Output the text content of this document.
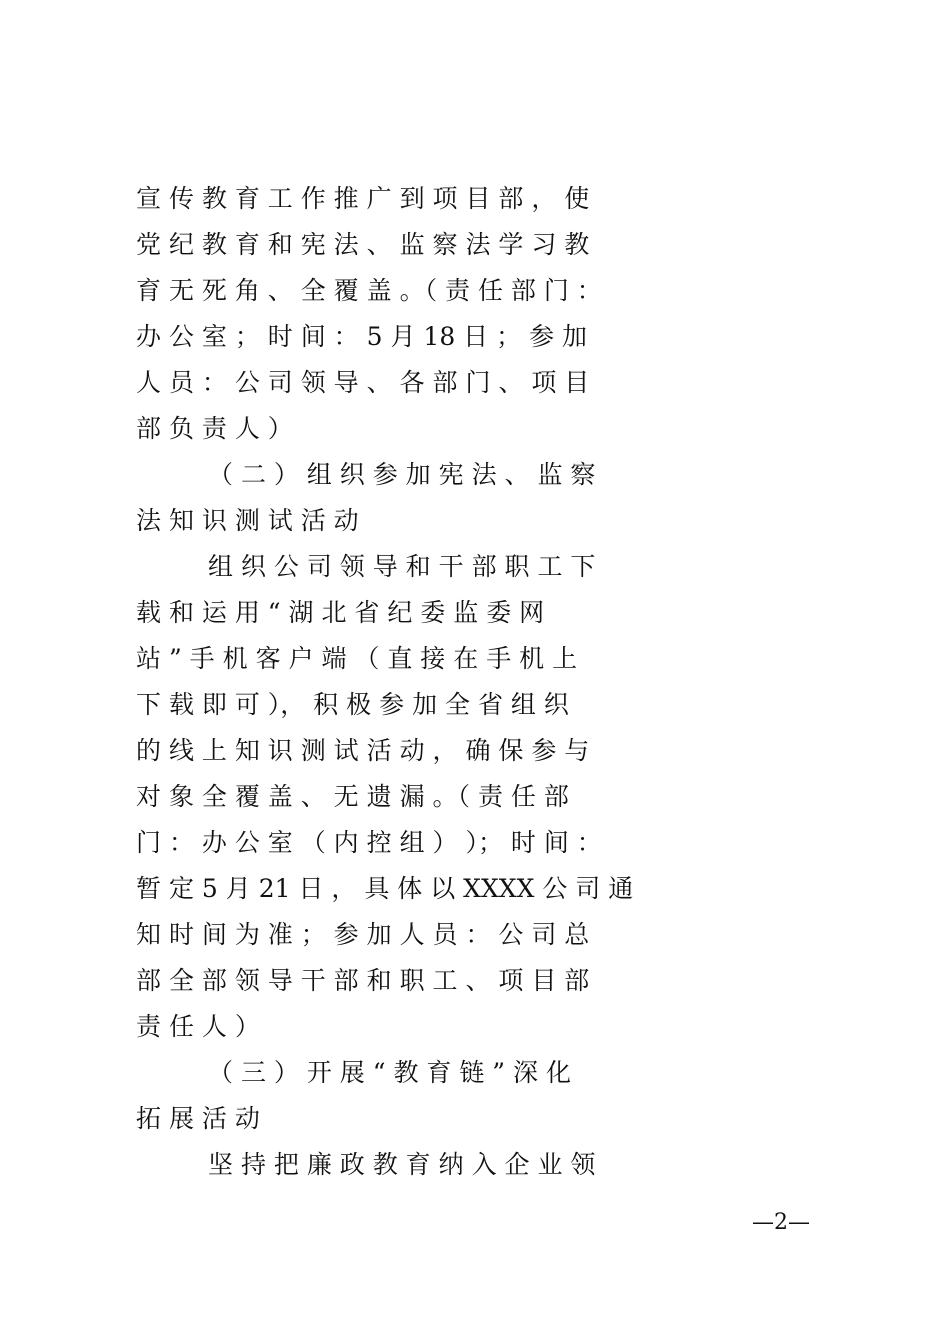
宣 传 教 育 工 作 推 广 到 项 目 部 ， 使
党 纪 教 育 和 宪 法 、 监 察 法 学 习 教
育 无 死 角 、 全 覆 盖 。（ 责 任 部 门 ：
办 公 室 ； 时 间 ： 5 月 18 日 ； 参 加
人 员 ： 公 司 领 导 、 各 部 门 、 项 目
部 负 责 人 ）
（ 二 ） 组 织 参 加 宪 法 、 监 察
法 知 识 测 试 活 动
组 织 公 司 领 导 和 干 部 职 工 下
载 和 运 用 “ 湖 北 省 纪 委 监 委 网
站 ” 手 机 客 户 端 （ 直 接 在 手 机 上
下 载 即 可 ）， 积 极 参 加 全 省 组 织
的 线 上 知 识 测 试 活 动 ， 确 保 参 与
对 象 全 覆 盖 、 无 遗 漏 。（ 责 任 部
门 ： 办 公 室 （ 内 控 组 ） ）； 时 间 ：
暂 定 5 月 21 日 ， 具 体 以 XXXX 公 司 通
知 时 间 为 准 ； 参 加 人 员 ： 公 司 总
部 全 部 领 导 干 部 和 职 工 、 项 目 部
责 任 人 ）
（ 三 ） 开 展 “ 教 育 链 ” 深 化
拓 展 活 动
坚 持 把 廉 政 教 育 纳 入 企 业 领
—2—
